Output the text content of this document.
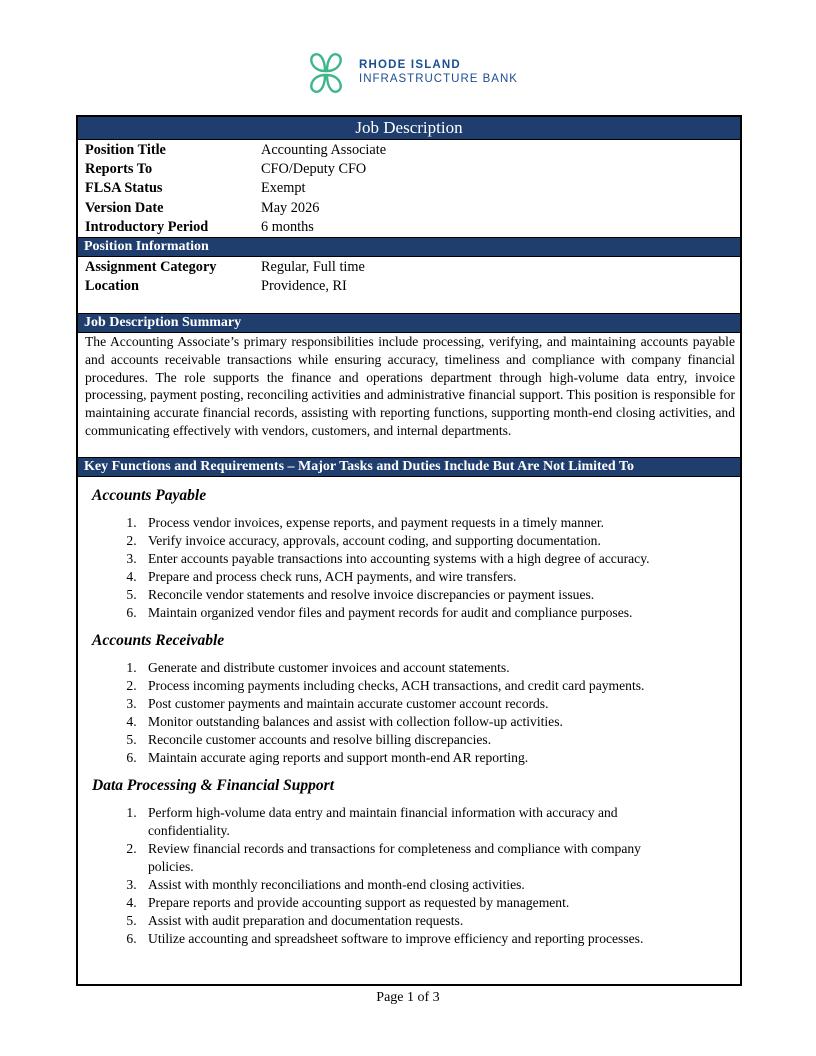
RHODE ISLAND
INFRASTRUCTURE BANK
Job Description
Position Title	Accounting Associate
Reports To	CFO/Deputy CFO
FLSA Status	Exempt
Version Date	May 2026
Introductory Period	6 months
Position Information
Assignment Category	Regular, Full time
Location	Providence, RI
Job Description Summary
The Accounting Associate’s primary responsibilities include processing, verifying, and maintaining accounts payable and accounts receivable transactions while ensuring accuracy, timeliness and compliance with company financial procedures. The role supports the finance and operations department through high-volume data entry, invoice processing, payment posting, reconciling activities and administrative financial support. This position is responsible for maintaining accurate financial records, assisting with reporting functions, supporting month-end closing activities, and communicating effectively with vendors, customers, and internal departments.
Key Functions and Requirements – Major Tasks and Duties Include But Are Not Limited To
Accounts Payable
1. Process vendor invoices, expense reports, and payment requests in a timely manner.
2. Verify invoice accuracy, approvals, account coding, and supporting documentation.
3. Enter accounts payable transactions into accounting systems with a high degree of accuracy.
4. Prepare and process check runs, ACH payments, and wire transfers.
5. Reconcile vendor statements and resolve invoice discrepancies or payment issues.
6. Maintain organized vendor files and payment records for audit and compliance purposes.
Accounts Receivable
1. Generate and distribute customer invoices and account statements.
2. Process incoming payments including checks, ACH transactions, and credit card payments.
3. Post customer payments and maintain accurate customer account records.
4. Monitor outstanding balances and assist with collection follow-up activities.
5. Reconcile customer accounts and resolve billing discrepancies.
6. Maintain accurate aging reports and support month-end AR reporting.
Data Processing & Financial Support
1. Perform high-volume data entry and maintain financial information with accuracy and confidentiality.
2. Review financial records and transactions for completeness and compliance with company policies.
3. Assist with monthly reconciliations and month-end closing activities.
4. Prepare reports and provide accounting support as requested by management.
5. Assist with audit preparation and documentation requests.
6. Utilize accounting and spreadsheet software to improve efficiency and reporting processes.
Page 1 of 3
